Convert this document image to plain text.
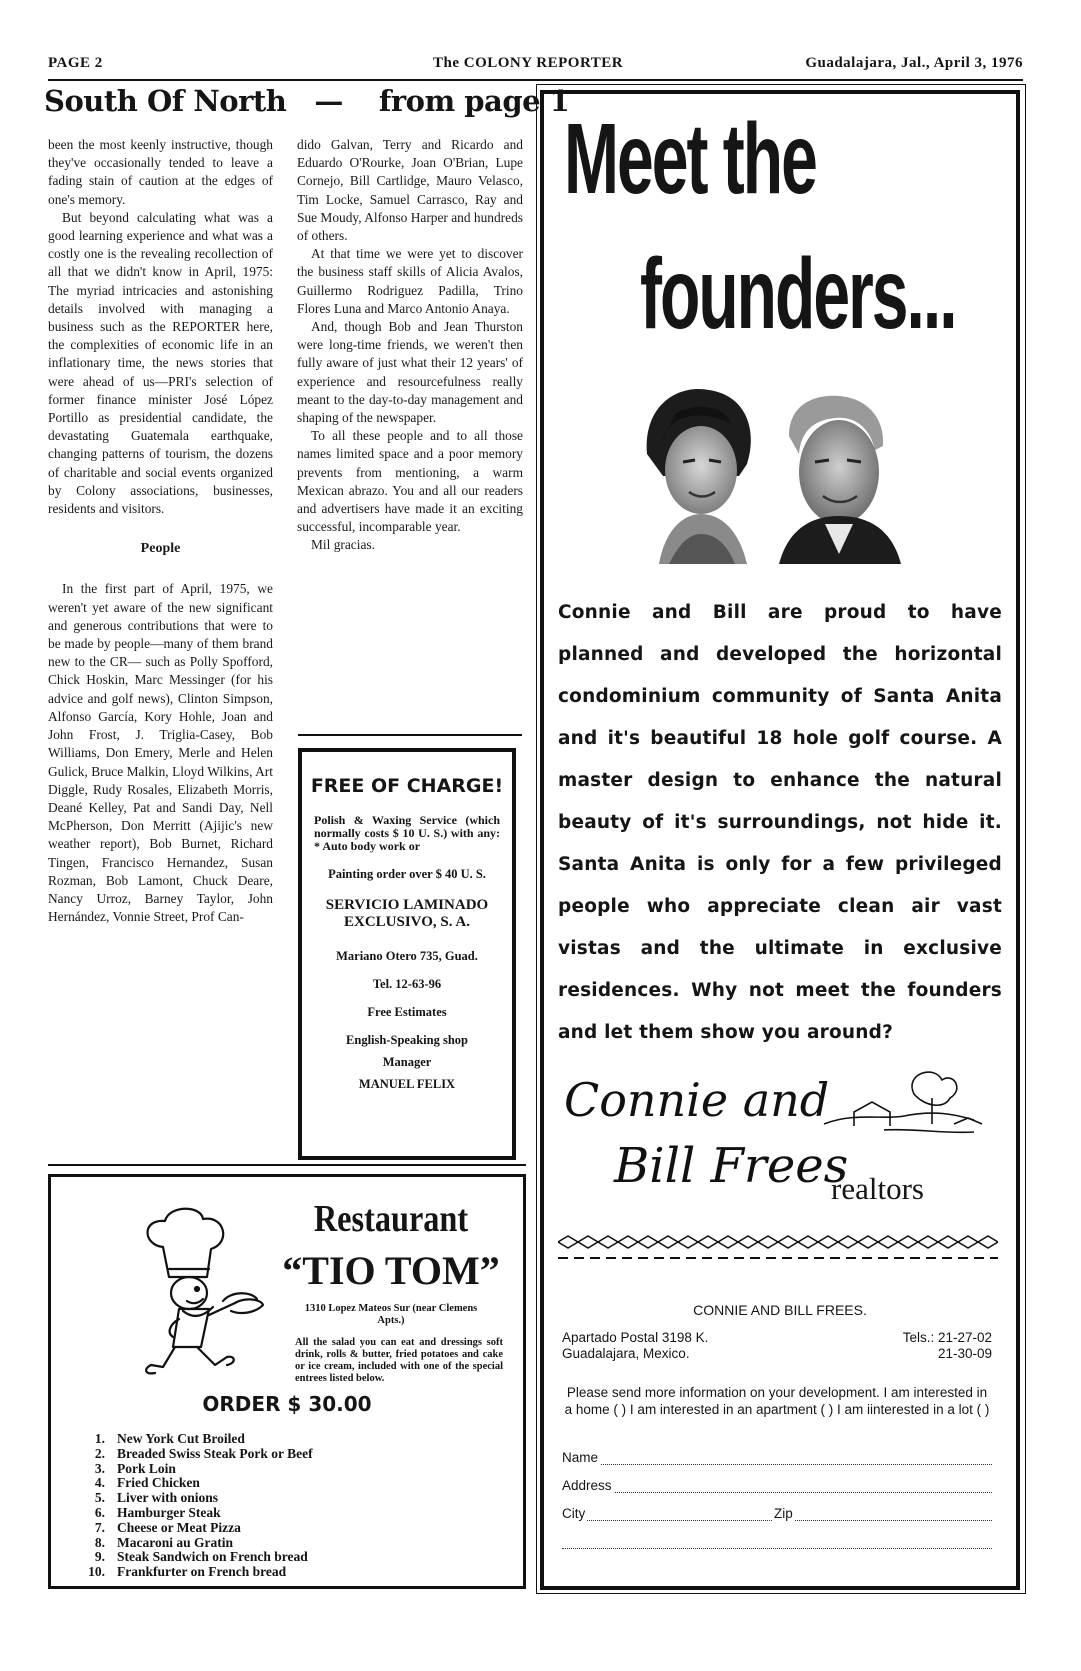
PAGE 2	The COLONY REPORTER	Guadalajara, Jal., April 3, 1976
South Of North — from page 1

been the most keenly instructive, though they've occasionally tended to leave a fading stain of caution at the edges of one's memory.

But beyond calculating what was a good learning experience and what was a costly one is the revealing recollection of all that we didn't know in April, 1975: The myriad intricacies and astonishing details involved with managing a business such as the REPORTER here, the complexities of economic life in an inflationary time, the news stories that were ahead of us—PRI's selection of former finance minister José López Portillo as presidential candidate, the devastating Guatemala earthquake, changing patterns of tourism, the dozens of charitable and social events organized by Colony associations, businesses, residents and visitors.

People

In the first part of April, 1975, we weren't yet aware of the new significant and generous contributions that were to be made by people—many of them brand new to the CR— such as Polly Spofford, Chick Hoskin, Marc Messinger (for his advice and golf news), Clinton Simpson, Alfonso García, Kory Hohle, Joan and John Frost, J. Triglia-Casey, Bob Williams, Don Emery, Merle and Helen Gulick, Bruce Malkin, Lloyd Wilkins, Art Diggle, Rudy Rosales, Elizabeth Morris, Deané Kelley, Pat and Sandi Day, Nell McPherson, Don Merritt (Ajijic's new weather report), Bob Burnet, Richard Tingen, Francisco Hernandez, Susan Rozman, Bob Lamont, Chuck Deare, Nancy Urroz, Barney Taylor, John Hernández, Vonnie Street, Prof Can-

dido Galvan, Terry and Ricardo and Eduardo O'Rourke, Joan O'Brian, Lupe Cornejo, Bill Cartlidge, Mauro Velasco, Tim Locke, Samuel Carrasco, Ray and Sue Moudy, Alfonso Harper and hundreds of others.

At that time we were yet to discover the business staff skills of Alicia Avalos, Guillermo Rodriguez Padilla, Trino Flores Luna and Marco Antonio Anaya.

And, though Bob and Jean Thurston were long-time friends, we weren't then fully aware of just what their 12 years' of experience and resourcefulness really meant to the day-to-day management and shaping of the newspaper.

To all these people and to all those names limited space and a poor memory prevents from mentioning, a warm Mexican abrazo. You and all our readers and advertisers have made it an exciting successful, incomparable year.

Mil gracias.

FREE OF CHARGE!
Polish & Waxing Service (which normally costs $ 10 U. S.) with any: * Auto body work or
Painting order over $ 40 U. S.
SERVICIO LAMINADO EXCLUSIVO, S. A.
Mariano Otero 735, Guad.
Tel. 12-63-96
Free Estimates
English-Speaking shop
Manager
MANUEL FELIX
Restaurant
“TIO TOM”
1310 Lopez Mateos Sur (near Clemens Apts.)
All the salad you can eat and dressings soft drink, rolls & butter, fried potatoes and cake or ice cream, included with one of the special entrees listed below.
ORDER $ 30.00
1. New York Cut Broiled
2. Breaded Swiss Steak Pork or Beef
3. Pork Loin
4. Fried Chicken
5. Liver with onions
6. Hamburger Steak
7. Cheese or Meat Pizza
8. Macaroni au Gratin
9. Steak Sandwich on French bread
10. Frankfurter on French bread
Meet the
founders...
Connie and Bill are proud to have planned and developed the horizontal condominium community of Santa Anita and it's beautiful 18 hole golf course. A master design to enhance the natural beauty of it's surroundings, not hide it. Santa Anita is only for a few privileged people who appreciate clean air vast vistas and the ultimate in exclusive residences. Why not meet the founders and let them show you around?
Connie and
Bill Frees
realtors
CONNIE AND BILL FREES.
Apartado Postal 3198 K.	Tels.: 21-27-02
Guadalajara, Mexico.	21-30-09
Please send more information on your development. I am interested in a home ( ) I am interested in an apartment ( ) I am iinterested in a lot ( )
Name
Address
City	Zip
